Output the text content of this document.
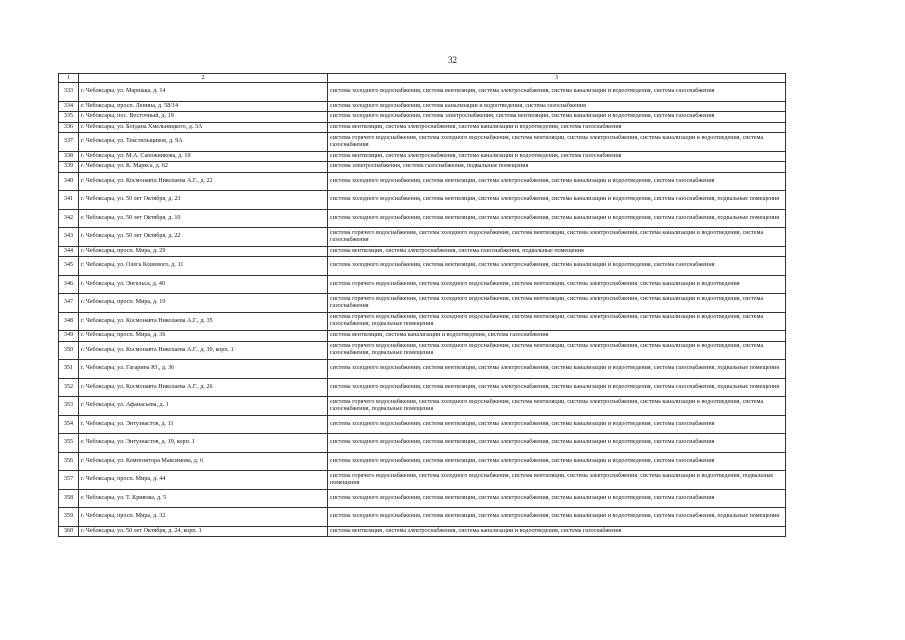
32
1	2	3
333	г. Чебоксары, ул. Маршака, д. 14	система холодного водоснабжения, система вентиляции, система электроснабжения, система канализации и водоотведения, система газоснабжения
334	г. Чебоксары, просп. Ленина, д. 58/14	система холодного водоснабжения, система канализации и водоотведения, система газоснабжения
335	г. Чебоксары, пос. Восточный, д. 19	система холодного водоснабжения, система электроснабжения, система вентиляции, система канализации и водоотведения, система газоснабжения
336	г. Чебоксары, ул. Богдана Хмельницкого, д. 3А	система вентиляции, система электроснабжения, система канализации и водоотведения, система газоснабжения
337	г. Чебоксары, ул. Текстильщиков, д. 9А	система горячего водоснабжения, система холодного водоснабжения, система вентиляции, система электроснабжения, система канализации и водоотведения, система газоснабжения
338	г. Чебоксары, ул. М.А. Сапожникова, д. 19	система вентиляции, система электроснабжения, система канализации и водоотведения, система газоснабжения
339	г. Чебоксары, ул. К. Маркса, д. 62	система электроснабжения, система газоснабжения, подвальные помещения
340	г. Чебоксары, ул. Космонавта Николаева А.Г., д. 22	система холодного водоснабжения, система вентиляции, система электроснабжения, система канализации и водоотведения, система газоснабжения
341	г. Чебоксары, ул. 50 лет Октября, д. 23	система холодного водоснабжения, система вентиляции, система электроснабжения, система канализации и водоотведения, система газоснабжения, подвальные помещения
342	г. Чебоксары, ул. 50 лет Октября, д. 10	система холодного водоснабжения, система вентиляции, система электроснабжения, система канализации и водоотведения, система газоснабжения, подвальные помещения
343	г. Чебоксары, ул. 50 лет Октября, д. 22	система горячего водоснабжения, система холодного водоснабжения, система вентиляции, система электроснабжения, система канализации и водоотведения, система газоснабжения
344	г. Чебоксары, просп. Мира, д. 29	система вентиляции, система электроснабжения, система газоснабжения, подвальные помещения
345	г. Чебоксары, ул. Олега Кошевого, д. 11	система холодного водоснабжения, система вентиляции, система электроснабжения, система канализации и водоотведения, система газоснабжения
346	г. Чебоксары, ул. Энгельса, д. 40	система горячего водоснабжения, система холодного водоснабжения, система вентиляции, система электроснабжения, система канализации и водоотведения
347	г. Чебоксары, просп. Мира, д. 10	система горячего водоснабжения, система холодного водоснабжения, система вентиляции, система электроснабжения, система канализации и водоотведения, система газоснабжения
348	г. Чебоксары, ул. Космонавта Николаева А.Г., д. 35	система горячего водоснабжения, система холодного водоснабжения, система вентиляции, система электроснабжения, система канализации и водоотведения, система газоснабжения, подвальные помещения
349	г. Чебоксары, просп. Мира, д. 36	система вентиляции, система канализации и водоотведения, система газоснабжения
350	г. Чебоксары, ул. Космонавта Николаева А.Г., д. 30, корп. 1	система горячего водоснабжения, система холодного водоснабжения, система вентиляции, система электроснабжения, система канализации и водоотведения, система газоснабжения, подвальные помещения
351	г. Чебоксары, ул. Гагарина Ю., д. 36	система холодного водоснабжения, система вентиляции, система электроснабжения, система канализации и водоотведения, система газоснабжения, подвальные помещения
352	г. Чебоксары, ул. Космонавта Николаева А.Г., д. 26	система холодного водоснабжения, система вентиляции, система электроснабжения, система канализации и водоотведения, система газоснабжения, подвальные помещения
353	г. Чебоксары, ул. Афанасьева, д. 1	система горячего водоснабжения, система холодного водоснабжения, система вентиляции, система электроснабжения, система канализации и водоотведения, система газоснабжения, подвальные помещения
354	г. Чебоксары, ул. Энтузиастов, д. 11	система холодного водоснабжения, система вентиляции, система электроснабжения, система канализации и водоотведения, система газоснабжения
355	г. Чебоксары, ул. Энтузиастов, д. 19, корп. 1	система холодного водоснабжения, система вентиляции, система электроснабжения, система канализации и водоотведения, система газоснабжения
356	г. Чебоксары, ул. Композитора Максимова, д. 6	система холодного водоснабжения, система вентиляции, система электроснабжения, система канализации и водоотведения, система газоснабжения
357	г. Чебоксары, просп. Мира, д. 44	система горячего водоснабжения, система холодного водоснабжения, система вентиляции, система электроснабжения, система канализации и водоотведения, подвальные помещения
358	г. Чебоксары, ул. Т. Кривова, д. 5	система холодного водоснабжения, система вентиляции, система электроснабжения, система канализации и водоотведения, система газоснабжения
359	г. Чебоксары, просп. Мира, д. 32	система холодного водоснабжения, система вентиляции, система электроснабжения, система канализации и водоотведения, система газоснабжения, подвальные помещения
360	г. Чебоксары, ул. 50 лет Октября, д. 24, корп. 1	система вентиляции, система электроснабжения, система канализации и водоотведения, система газоснабжения
